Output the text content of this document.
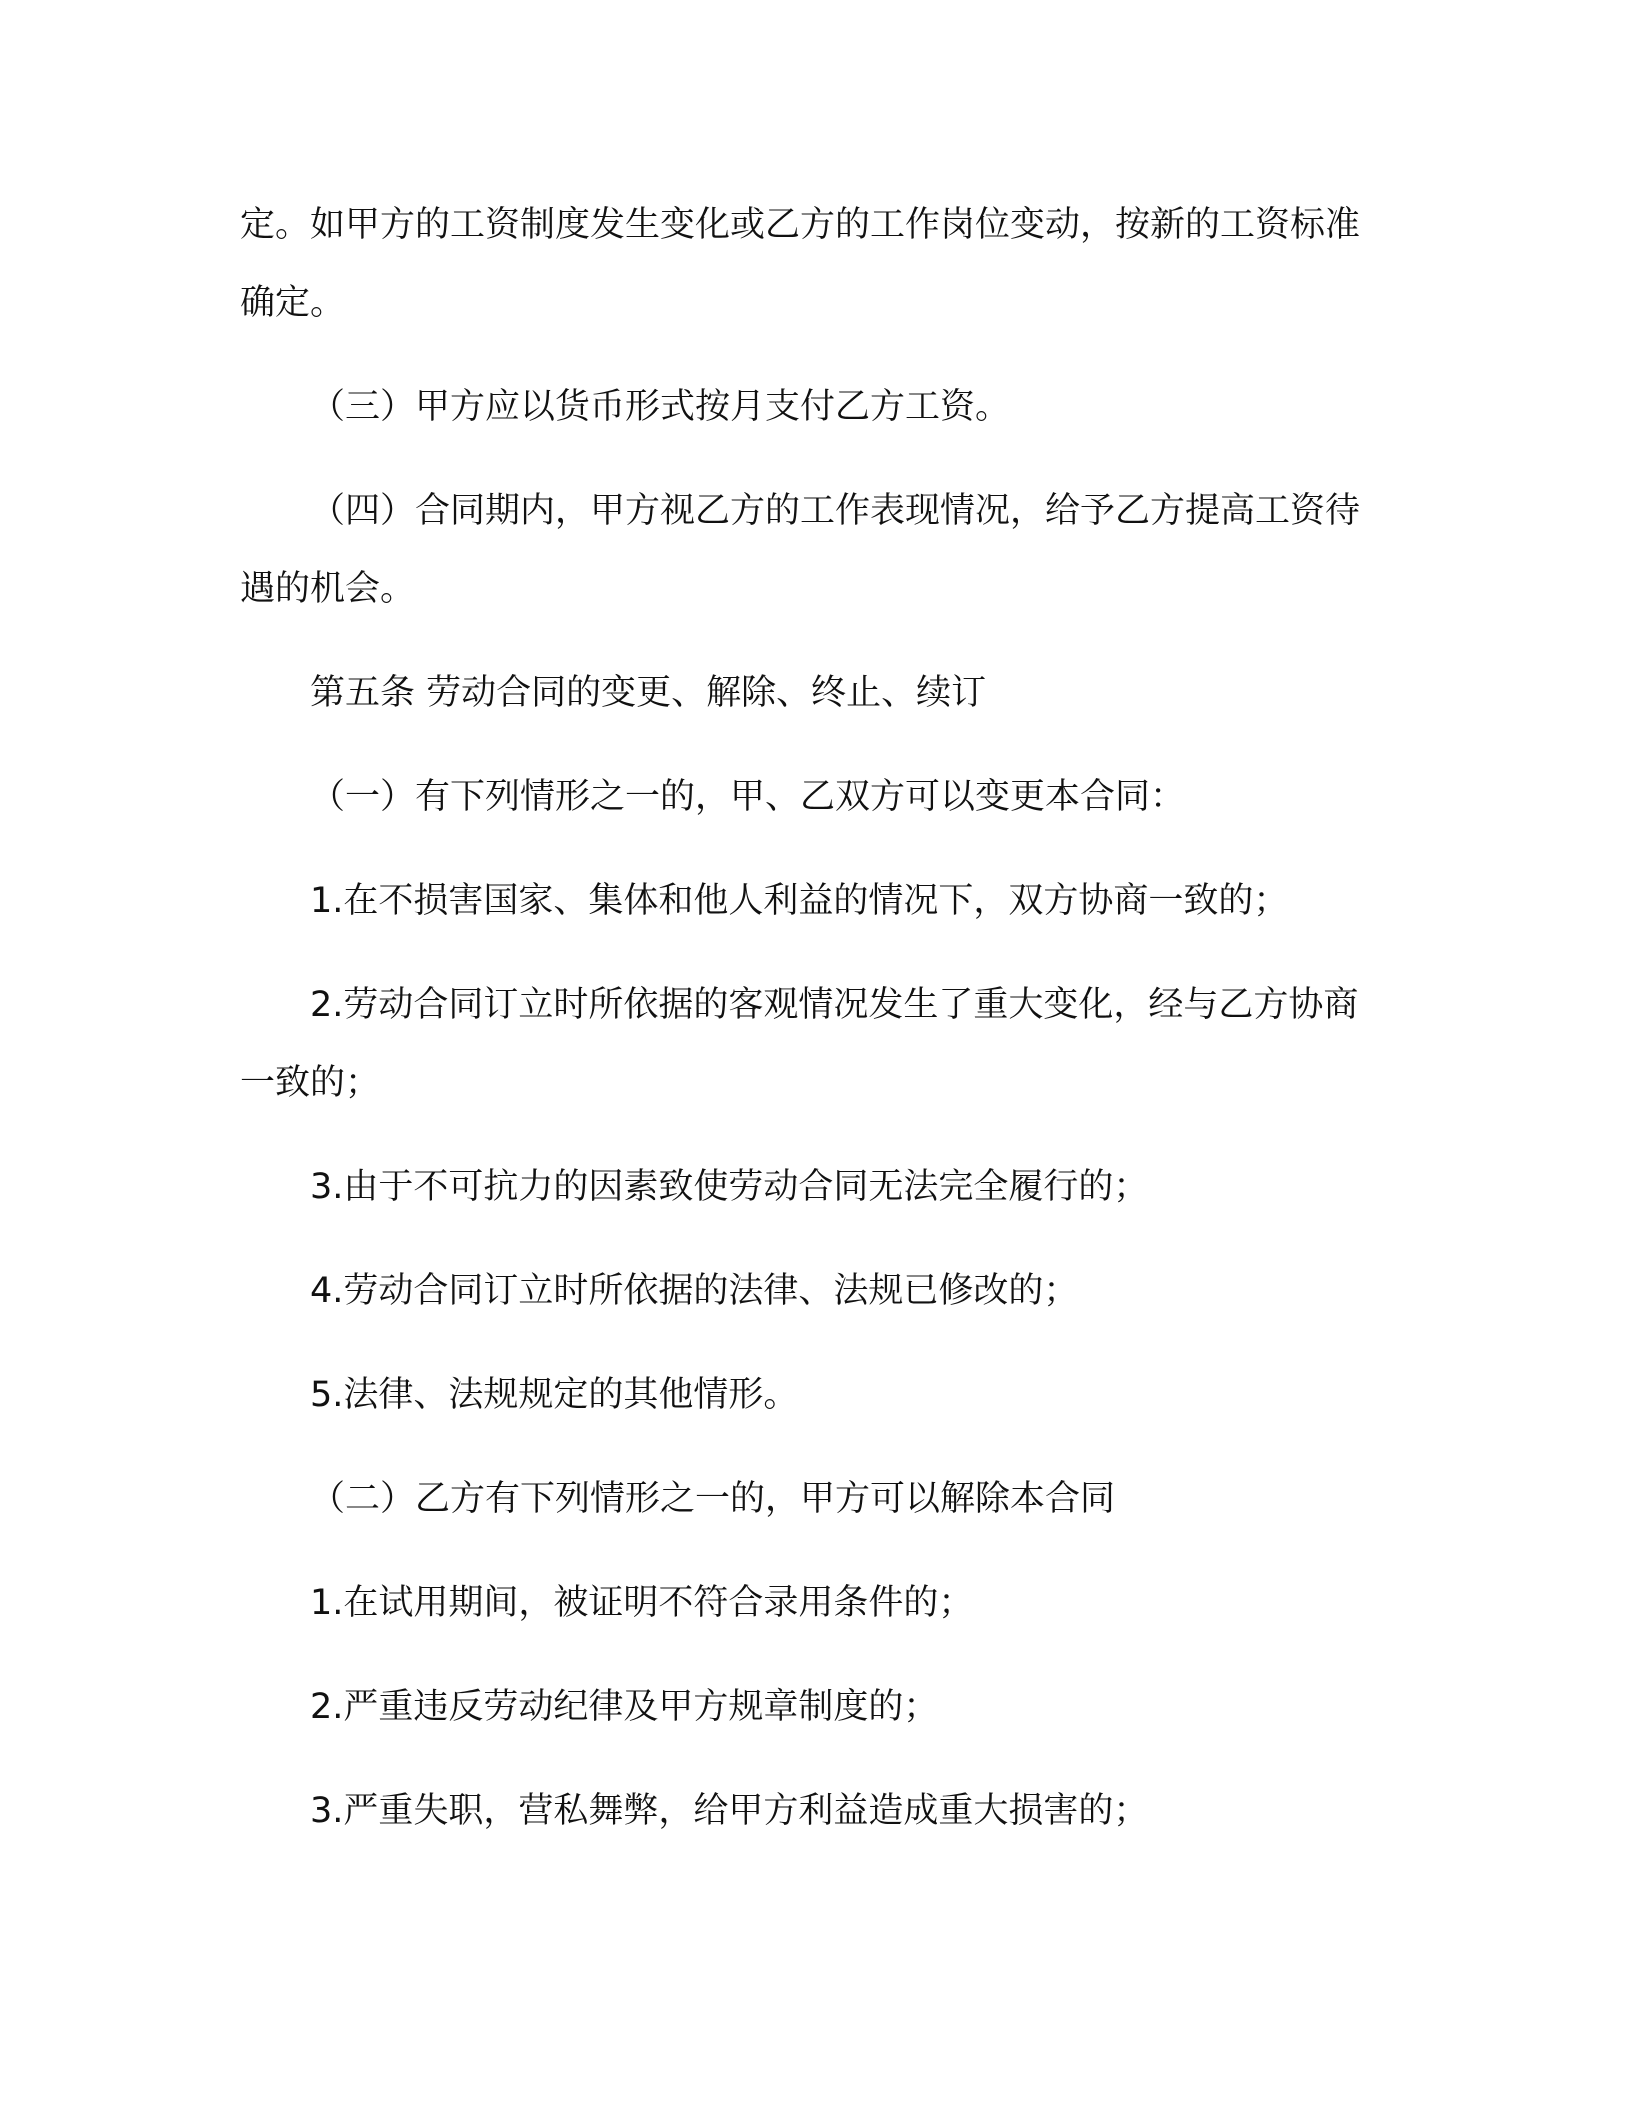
定。如甲方的工资制度发生变化或乙方的工作岗位变动，按新的工资标准确定。

（三）甲方应以货币形式按月支付乙方工资。

（四）合同期内，甲方视乙方的工作表现情况，给予乙方提高工资待遇的机会。

第五条 劳动合同的变更、解除、终止、续订

（一）有下列情形之一的，甲、乙双方可以变更本合同：

1.在不损害国家、集体和他人利益的情况下，双方协商一致的；

2.劳动合同订立时所依据的客观情况发生了重大变化，经与乙方协商一致的；

3.由于不可抗力的因素致使劳动合同无法完全履行的；

4.劳动合同订立时所依据的法律、法规已修改的；

5.法律、法规规定的其他情形。

（二）乙方有下列情形之一的，甲方可以解除本合同

1.在试用期间，被证明不符合录用条件的；

2.严重违反劳动纪律及甲方规章制度的；

3.严重失职，营私舞弊，给甲方利益造成重大损害的；
